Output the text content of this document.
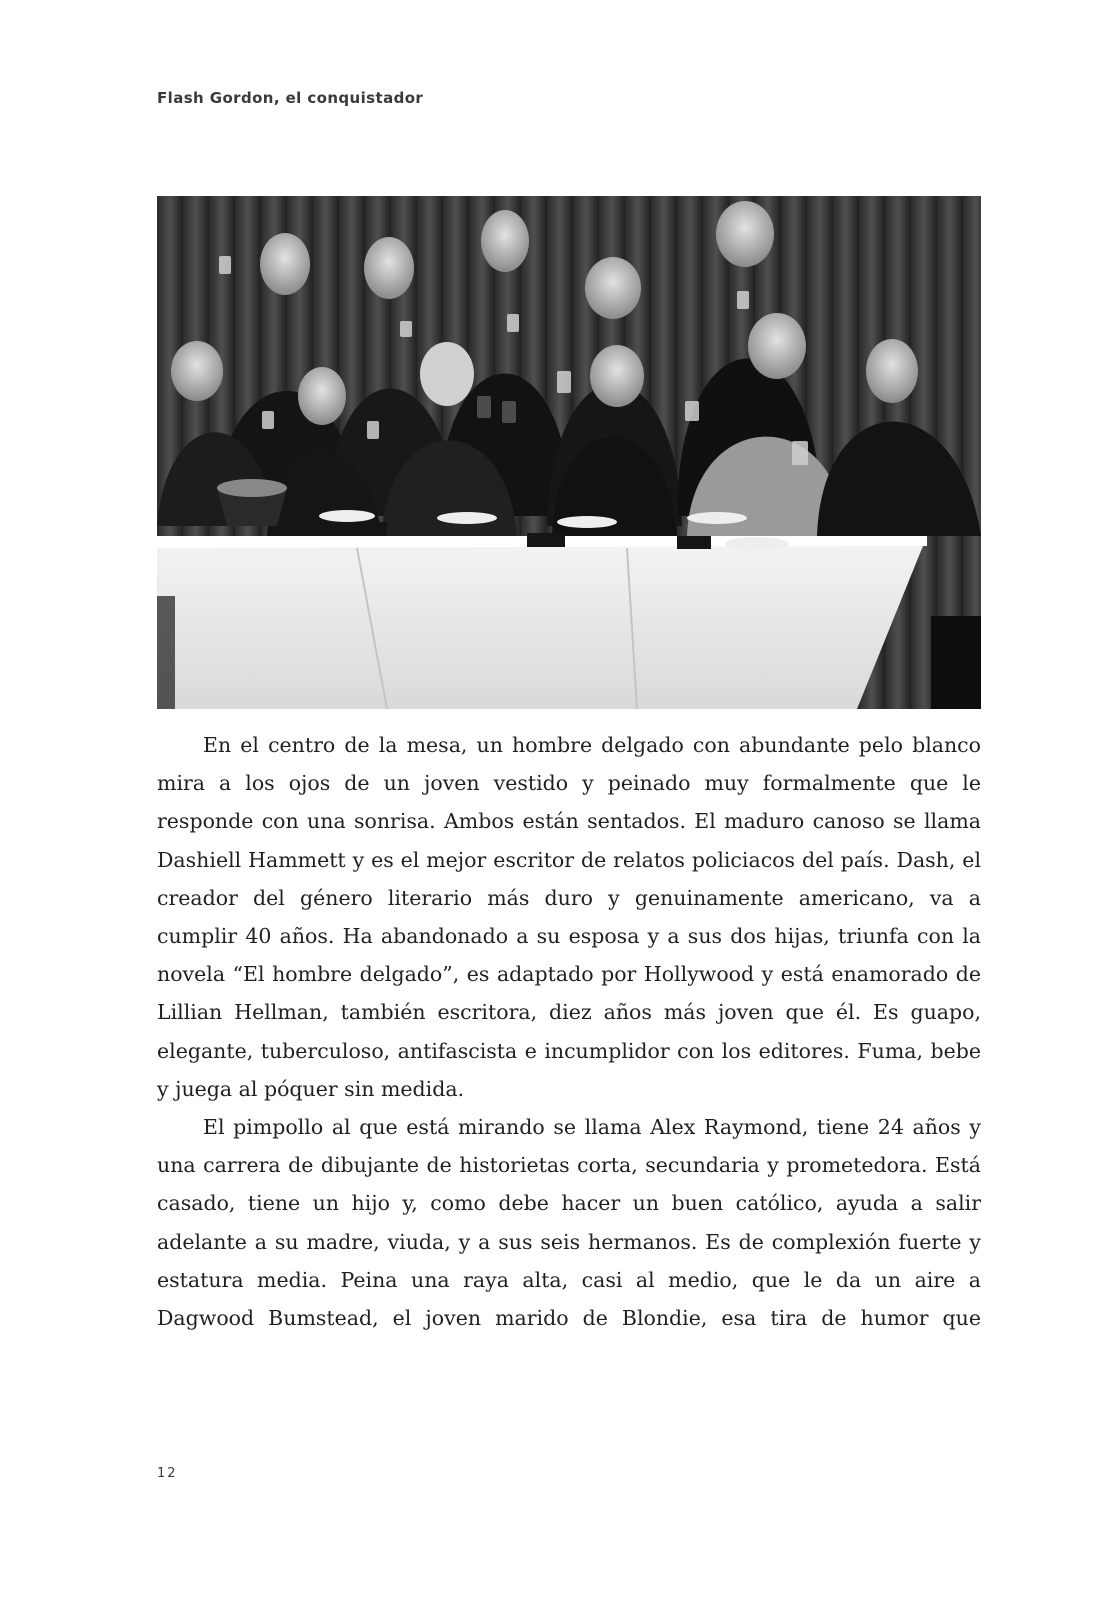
Flash Gordon, el conquistador

En el centro de la mesa, un hombre delgado con abundante pelo blanco mira a los ojos de un joven vestido y peinado muy formalmente que le responde con una sonrisa. Ambos están sentados. El maduro canoso se llama Dashiell Hammett y es el mejor escritor de relatos policiacos del país. Dash, el creador del género literario más duro y genuinamente americano, va a cumplir 40 años. Ha abandonado a su esposa y a sus dos hijas, triunfa con la novela “El hombre delgado”, es adaptado por Hollywood y está enamorado de Lillian Hellman, también escritora, diez años más joven que él. Es guapo, elegante, tuberculoso, antifascista e incumplidor con los editores. Fuma, bebe y juega al póquer sin medida.

El pimpollo al que está mirando se llama Alex Raymond, tiene 24 años y una carrera de dibujante de historietas corta, secundaria y prometedora. Está casado, tiene un hijo y, como debe hacer un buen católico, ayuda a salir adelante a su madre, viuda, y a sus seis hermanos. Es de complexión fuerte y estatura media. Peina una raya alta, casi al medio, que le da un aire a Dagwood Bumstead, el joven marido de Blondie, esa tira de humor que

12
